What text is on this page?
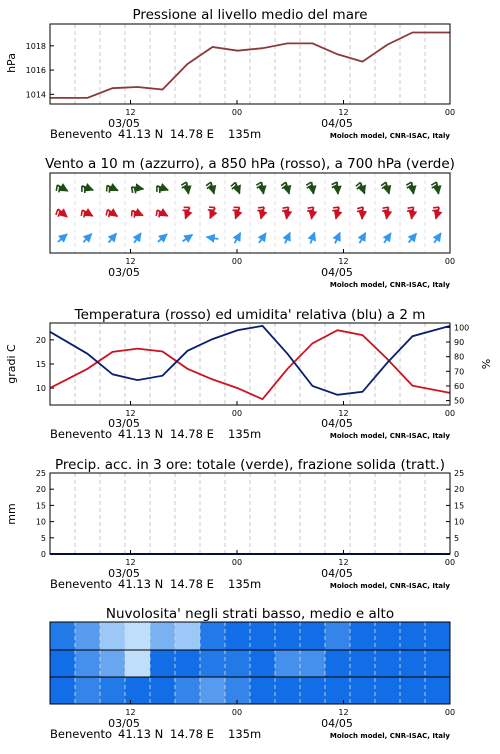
Pressione al livello medio del mare
hPa
1014
1016
1018
12	00	12	00
03/05	04/05
Benevento 41.13 N 14.78 E 135m	Moloch model, CNR-ISAC, Italy
Vento a 10 m (azzurro), a 850 hPa (rosso), a 700 hPa (verde)
12	00	12	00
03/05	04/05
Moloch model, CNR-ISAC, Italy
Temperatura (rosso) ed umidita' relativa (blu) a 2 m
gradi C	%
10
15
20
50
60
70
80
90
100
12	00	12	00
03/05	04/05
Benevento 41.13 N 14.78 E 135m	Moloch model, CNR-ISAC, Italy
Precip. acc. in 3 ore: totale (verde), frazione solida (tratt.)
mm
0
5
10
15
20
25
0
5
10
15
20
25
12	00	12	00
03/05	04/05
Benevento 41.13 N 14.78 E 135m	Moloch model, CNR-ISAC, Italy
Nuvolosita' negli strati basso, medio e alto
12	00	12	00
03/05	04/05
Benevento 41.13 N 14.78 E 135m	Moloch model, CNR-ISAC, Italy
